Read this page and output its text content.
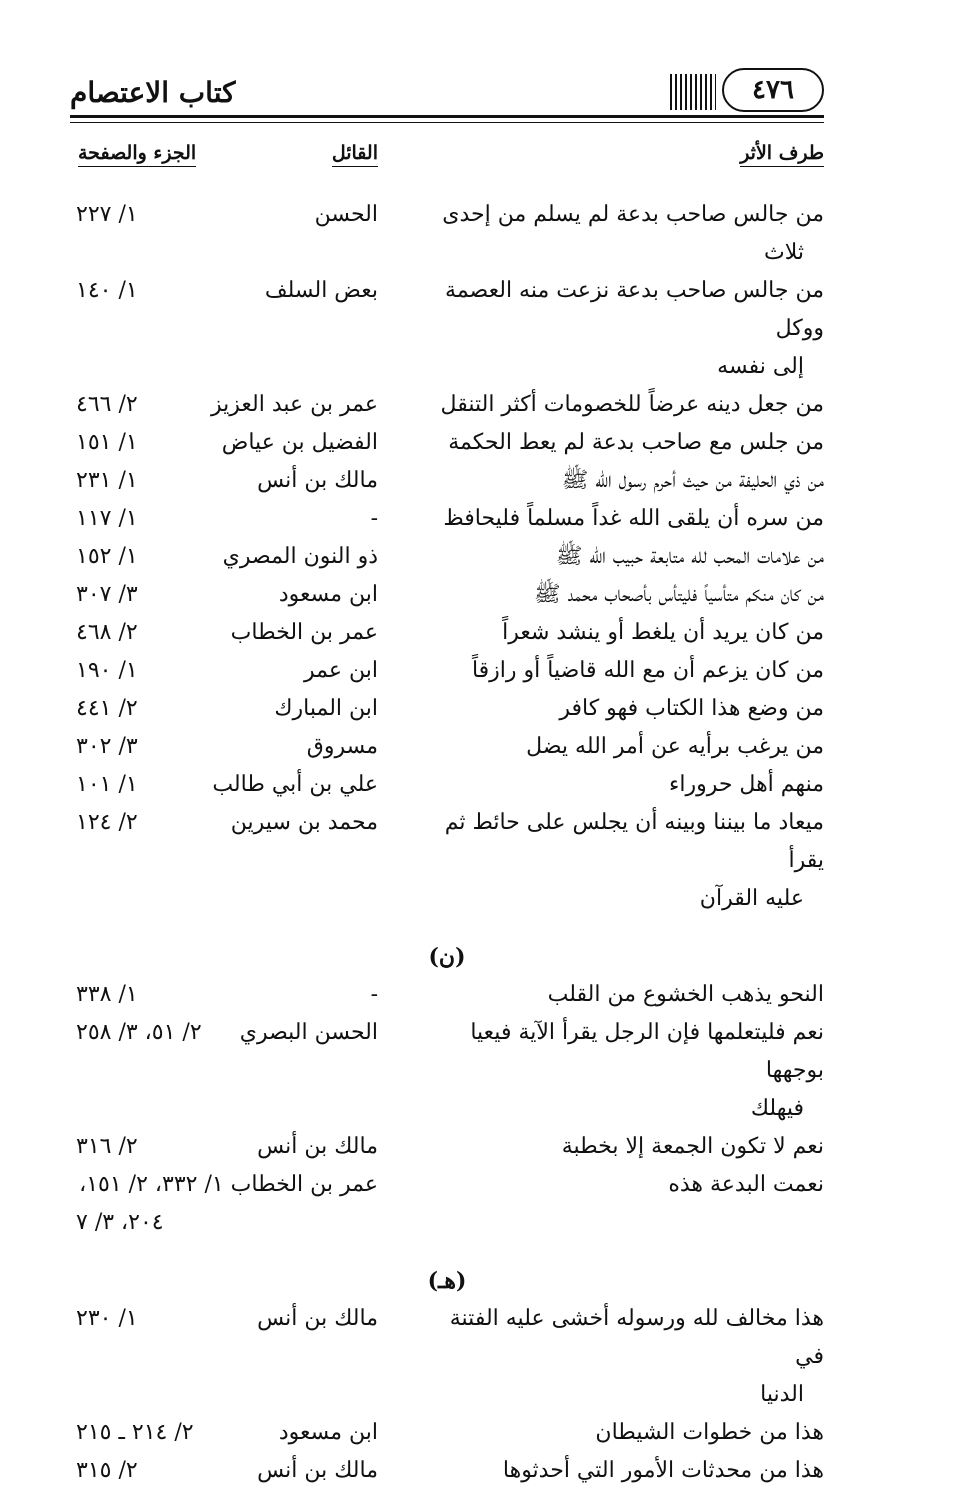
كتاب الاعتصام	٤٧٦
طرف الأثر
القائل
الجزء والصفحة
من جالس صاحب بدعة لم يسلم من إحدى
ثلاث
الحسن
١/ ٢٢٧
من جالس صاحب بدعة نزعت منه العصمة ووكل
إلى نفسه
بعض السلف
١/ ١٤٠
من جعل دينه عرضاً للخصومات أكثر التنقل
عمر بن عبد العزيز
٢/ ٤٦٦
من جلس مع صاحب بدعة لم يعط الحكمة
الفضيل بن عياض
١/ ١٥١
من ذي الحليفة من حيث أحرم رسول الله ﷺ
مالك بن أنس
١/ ٢٣١
من سره أن يلقى الله غداً مسلماً فليحافظ
-
١/ ١١٧
من علامات المحب لله متابعة حبيب الله ﷺ
ذو النون المصري
١/ ١٥٢
من كان منكم متأسياً فليتأس بأصحاب محمد ﷺ
ابن مسعود
٣/ ٣٠٧
من كان يريد أن يلغط أو ينشد شعراً
عمر بن الخطاب
٢/ ٤٦٨
من كان يزعم أن مع الله قاضياً أو رازقاً
ابن عمر
١/ ١٩٠
من وضع هذا الكتاب فهو كافر
ابن المبارك
٢/ ٤٤١
من يرغب برأيه عن أمر الله يضل
مسروق
٣/ ٣٠٢
منهم أهل حروراء
علي بن أبي طالب
١/ ١٠١
ميعاد ما بيننا وبينه أن يجلس على حائط ثم يقرأ
عليه القرآن
محمد بن سيرين
٢/ ١٢٤
(ن)
النحو يذهب الخشوع من القلب
-
١/ ٣٣٨
نعم فليتعلمها فإن الرجل يقرأ الآية فيعيا بوجهها
فيهلك
الحسن البصري
٢/ ٥١، ٣/ ٢٥٨
نعم لا تكون الجمعة إلا بخطبة
مالك بن أنس
٢/ ٣١٦
نعمت البدعة هذه
عمر بن الخطاب ١/ ٣٣٢، ٢/ ١٥١،
٢٠٤، ٣/ ٧
(هـ)
هذا مخالف لله ورسوله أخشى عليه الفتنة في
الدنيا
مالك بن أنس
١/ ٢٣٠
هذا من خطوات الشيطان
ابن مسعود
٢/ ٢١٤ ـ ٢١٥
هذا من محدثات الأمور التي أحدثوها
مالك بن أنس
٢/ ٣١٥
